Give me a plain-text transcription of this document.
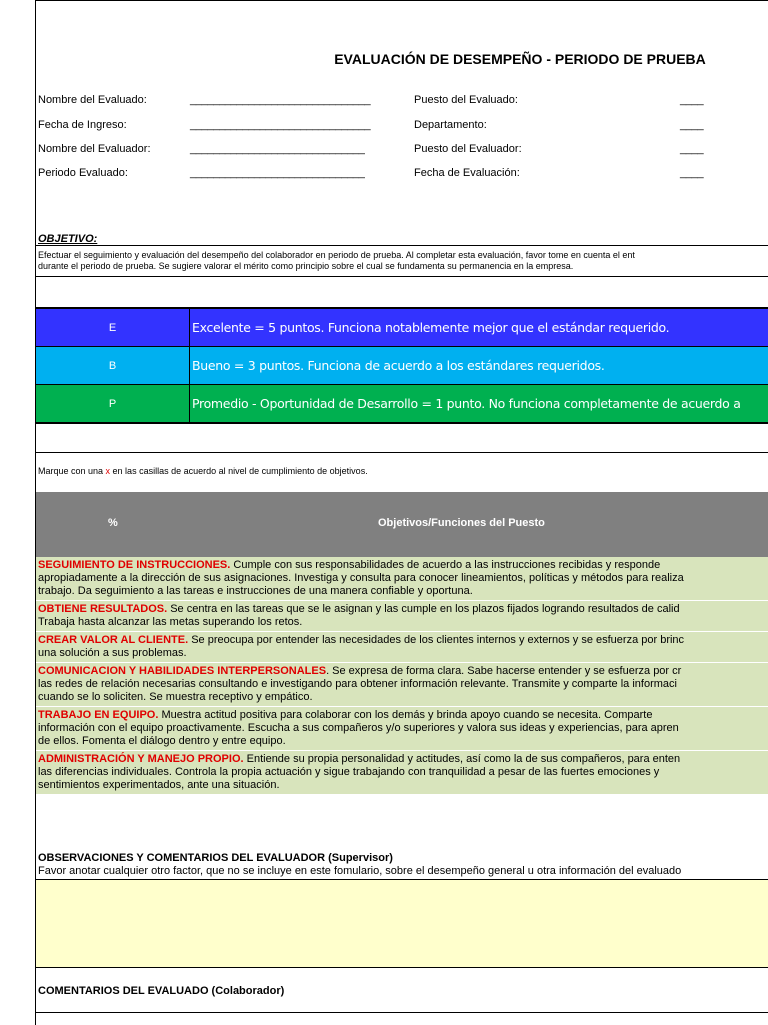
EVALUACIÓN DE DESEMPEÑO - PERIODO DE PRUEBA
Nombre del Evaluado:	_______________________________
Fecha de Ingreso:	_______________________________
Nombre del Evaluador:	______________________________
Periodo Evaluado:	______________________________
Puesto del Evaluado:	____
Departamento:	____
Puesto del Evaluador:	____
Fecha de Evaluación:	____
OBJETIVO:
Efectuar el seguimiento y evaluación del desempeño del colaborador en periodo de prueba. Al completar esta evaluación, favor tome en cuenta el ent
durante el periodo de prueba. Se sugiere valorar el mérito como principio sobre el cual se fundamenta su permanencia en la empresa.
E	Excelente = 5 puntos. Funciona notablemente mejor que el estándar requerido.
B	Bueno = 3 puntos. Funciona de acuerdo a los estándares requeridos.
P	Promedio - Oportunidad de Desarrollo = 1 punto. No funciona completamente de acuerdo a
Marque con una x en las casillas de acuerdo al nivel de cumplimiento de objetivos.
%	Objetivos/Funciones del Puesto
SEGUIMIENTO DE INSTRUCCIONES. Cumple con sus responsabilidades de acuerdo a las instrucciones recibidas y responde
apropiadamente a la dirección de sus asignaciones. Investiga y consulta para conocer lineamientos, políticas y métodos para realiza
trabajo. Da seguimiento a las tareas e instrucciones de una manera confiable y oportuna.
OBTIENE RESULTADOS. Se centra en las tareas que se le asignan y las cumple en los plazos fijados logrando resultados de calid
Trabaja hasta alcanzar las metas superando los retos.
CREAR VALOR AL CLIENTE. Se preocupa por entender las necesidades de los clientes internos y externos y se esfuerza por brinc
una solución a sus problemas.
COMUNICACION Y HABILIDADES INTERPERSONALES. Se expresa de forma clara. Sabe hacerse entender y se esfuerza por cr
las redes de relación necesarias consultando e investigando para obtener información relevante. Transmite y comparte la informaci
cuando se lo soliciten. Se muestra receptivo y empático.
TRABAJO EN EQUIPO. Muestra actitud positiva para colaborar con los demás y brinda apoyo cuando se necesita. Comparte
información con el equipo proactivamente. Escucha a sus compañeros y/o superiores y valora sus ideas y experiencias, para apren
de ellos. Fomenta el diálogo dentro y entre equipo.
ADMINISTRACIÓN Y MANEJO PROPIO. Entiende su propia personalidad y actitudes, así como la de sus compañeros, para enten
las diferencias individuales. Controla la propia actuación y sigue trabajando con tranquilidad a pesar de las fuertes emociones y
sentimientos experimentados, ante una situación.
OBSERVACIONES Y COMENTARIOS DEL EVALUADOR (Supervisor)
Favor anotar cualquier otro factor, que no se incluye en este fomulario, sobre el desempeño general u otra información del evaluado
COMENTARIOS DEL EVALUADO (Colaborador)
